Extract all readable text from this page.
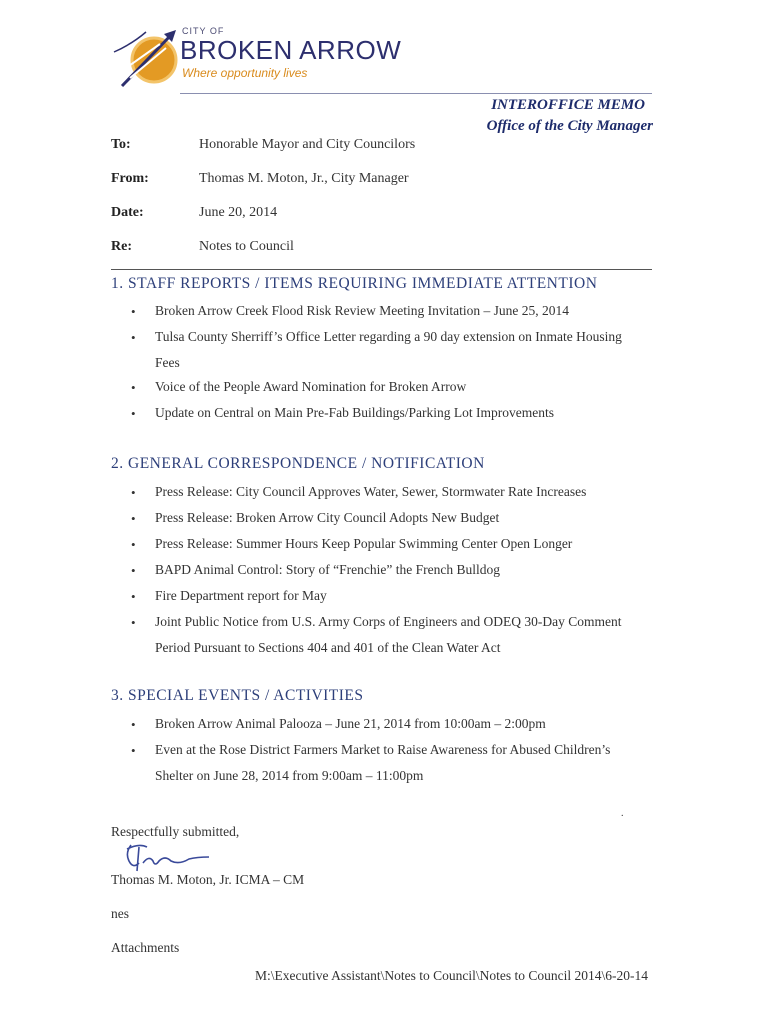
CITY OF
BROKEN ARROW
Where opportunity lives
INTEROFFICE MEMO
Office of the City Manager
To:	Honorable Mayor and City Councilors
From:	Thomas M. Moton, Jr., City Manager
Date:	June 20, 2014
Re:	Notes to Council
1. STAFF REPORTS / ITEMS REQUIRING IMMEDIATE ATTENTION
• Broken Arrow Creek Flood Risk Review Meeting Invitation – June 25, 2014
• Tulsa County Sherriff’s Office Letter regarding a 90 day extension on Inmate Housing
Fees
• Voice of the People Award Nomination for Broken Arrow
• Update on Central on Main Pre-Fab Buildings/Parking Lot Improvements
2. GENERAL CORRESPONDENCE / NOTIFICATION
• Press Release: City Council Approves Water, Sewer, Stormwater Rate Increases
• Press Release: Broken Arrow City Council Adopts New Budget
• Press Release: Summer Hours Keep Popular Swimming Center Open Longer
• BAPD Animal Control: Story of “Frenchie” the French Bulldog
• Fire Department report for May
• Joint Public Notice from U.S. Army Corps of Engineers and ODEQ 30-Day Comment
Period Pursuant to Sections 404 and 401 of the Clean Water Act
3. SPECIAL EVENTS / ACTIVITIES
• Broken Arrow Animal Palooza – June 21, 2014 from 10:00am – 2:00pm
• Even at the Rose District Farmers Market to Raise Awareness for Abused Children’s
Shelter on June 28, 2014 from 9:00am – 11:00pm
.
Respectfully submitted,
Thomas M. Moton, Jr. ICMA – CM
nes
Attachments
M:\Executive Assistant\Notes to Council\Notes to Council 2014\6-20-14
